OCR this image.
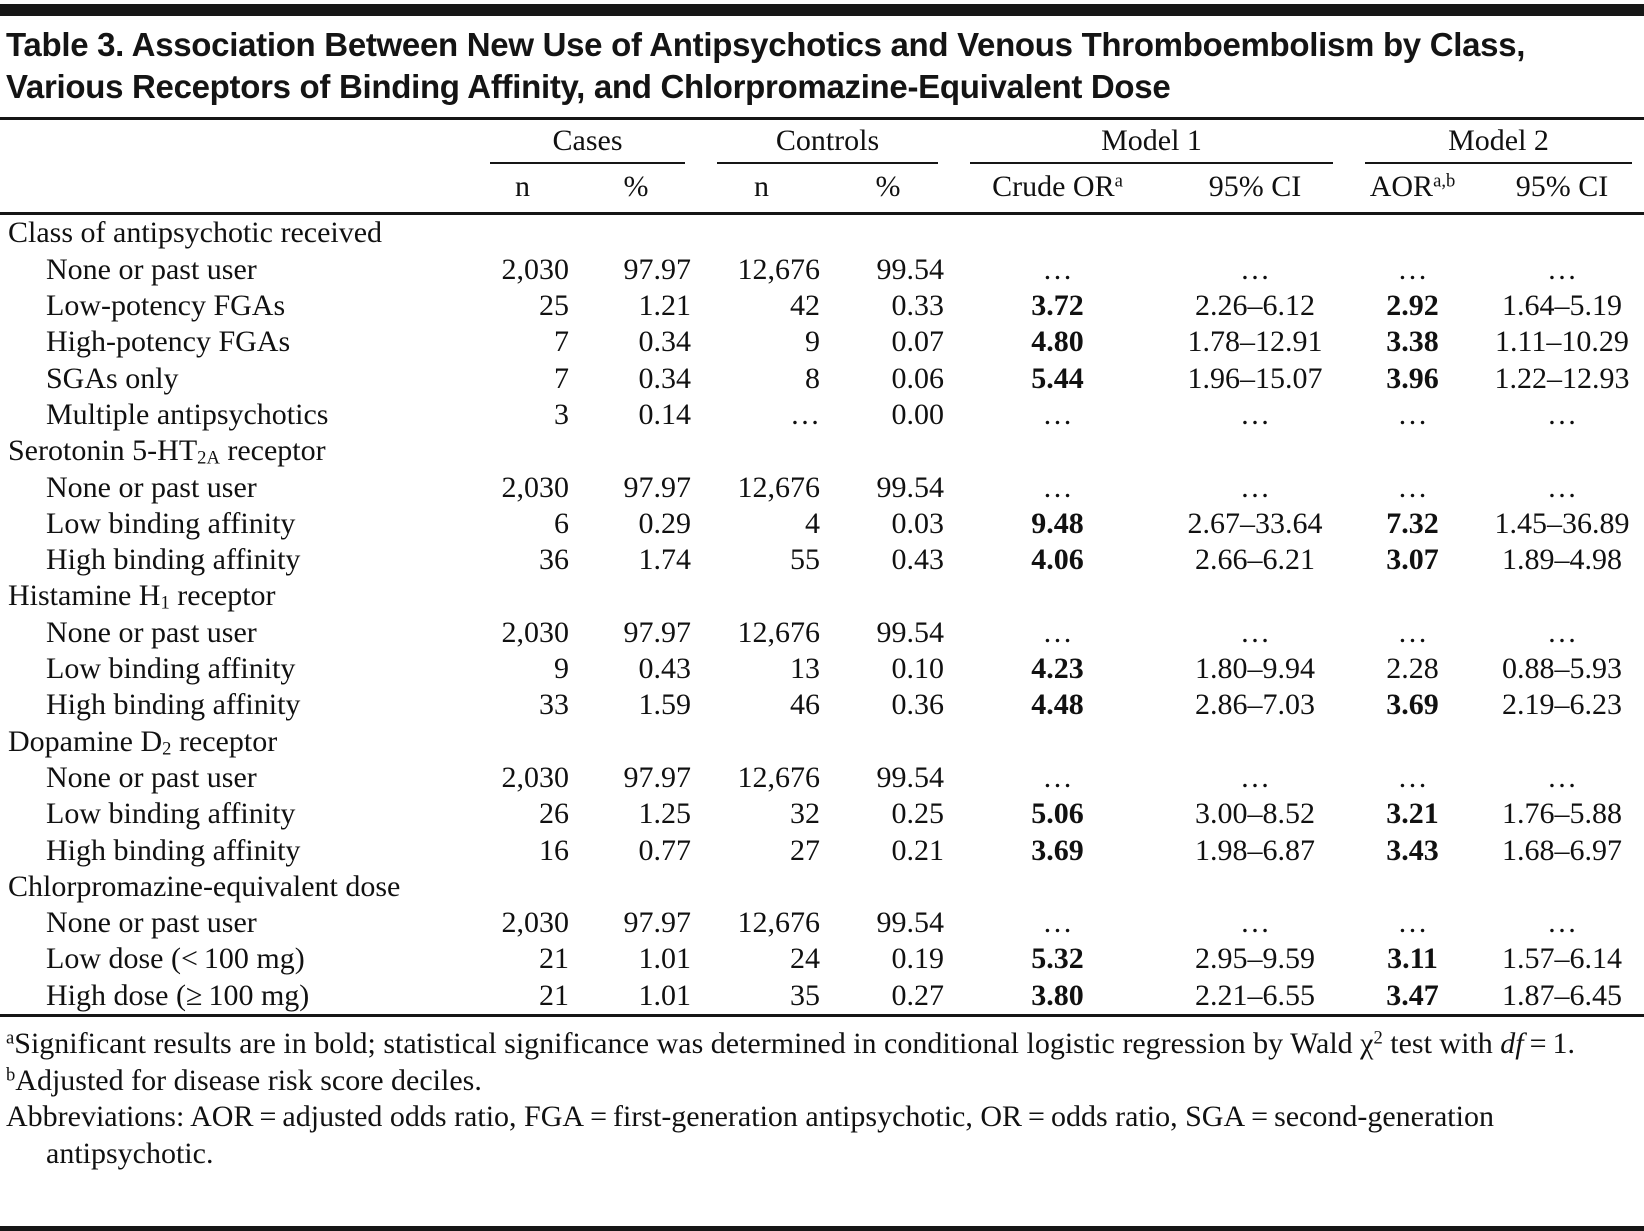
Table 3. Association Between New Use of Antipsychotics and Venous Thromboembolism by Class, Various Receptors of Binding Affinity, and Chlorpromazine-Equivalent Dose
Cases	Controls	Model 1	Model 2
n	%	n	%	Crude $OR^a$	95% CI	AOR$^{a,b}$	95% CI
Class of antipsychotic received
None or past user	2,030	97.97	12,676	99.54	…	…	…	…
Low-potency FGAs	25	1.21	42	0.33	3.72	2.26–6.12	2.92	1.64–5.19
High-potency FGAs	7	0.34	9	0.07	4.80	1.78–12.91	3.38	1.11–10.29
SGAs only	7	0.34	8	0.06	5.44	1.96–15.07	3.96	1.22–12.93
Multiple antipsychotics	3	0.14	…	0.00	…	…	…	…
Serotonin $5-HT_{2A}$ receptor
None or past user	2,030	97.97	12,676	99.54	…	…	…	…
Low binding affinity	6	0.29	4	0.03	9.48	2.67–33.64	7.32	1.45–36.89
High binding affinity	36	1.74	55	0.43	4.06	2.66–6.21	3.07	1.89–4.98
Histamine $H_1$ receptor
None or past user	2,030	97.97	12,676	99.54	…	…	…	…
Low binding affinity	9	0.43	13	0.10	4.23	1.80–9.94	2.28	0.88–5.93
High binding affinity	33	1.59	46	0.36	4.48	2.86–7.03	3.69	2.19–6.23
Dopamine $D_2$ receptor
None or past user	2,030	97.97	12,676	99.54	…	…	…	…
Low binding affinity	26	1.25	32	0.25	5.06	3.00–8.52	3.21	1.76–5.88
High binding affinity	16	0.77	27	0.21	3.69	1.98–6.87	3.43	1.68–6.97
Chlorpromazine-equivalent dose
None or past user	2,030	97.97	12,676	99.54	…	…	…	…
Low dose (< 100 mg)	21	1.01	24	0.19	5.32	2.95–9.59	3.11	1.57–6.14
High dose (≥ 100 mg)	21	1.01	35	0.27	3.80	2.21–6.55	3.47	1.87–6.45
$^a$Significant results are in bold; statistical significance was determined in conditional logistic regression by Wald $\chi^2$ test with df = 1.
$^b$Adjusted for disease risk score deciles.
Abbreviations: AOR = adjusted odds ratio, FGA = first-generation antipsychotic, OR = odds ratio, SGA = second-generation antipsychotic.
